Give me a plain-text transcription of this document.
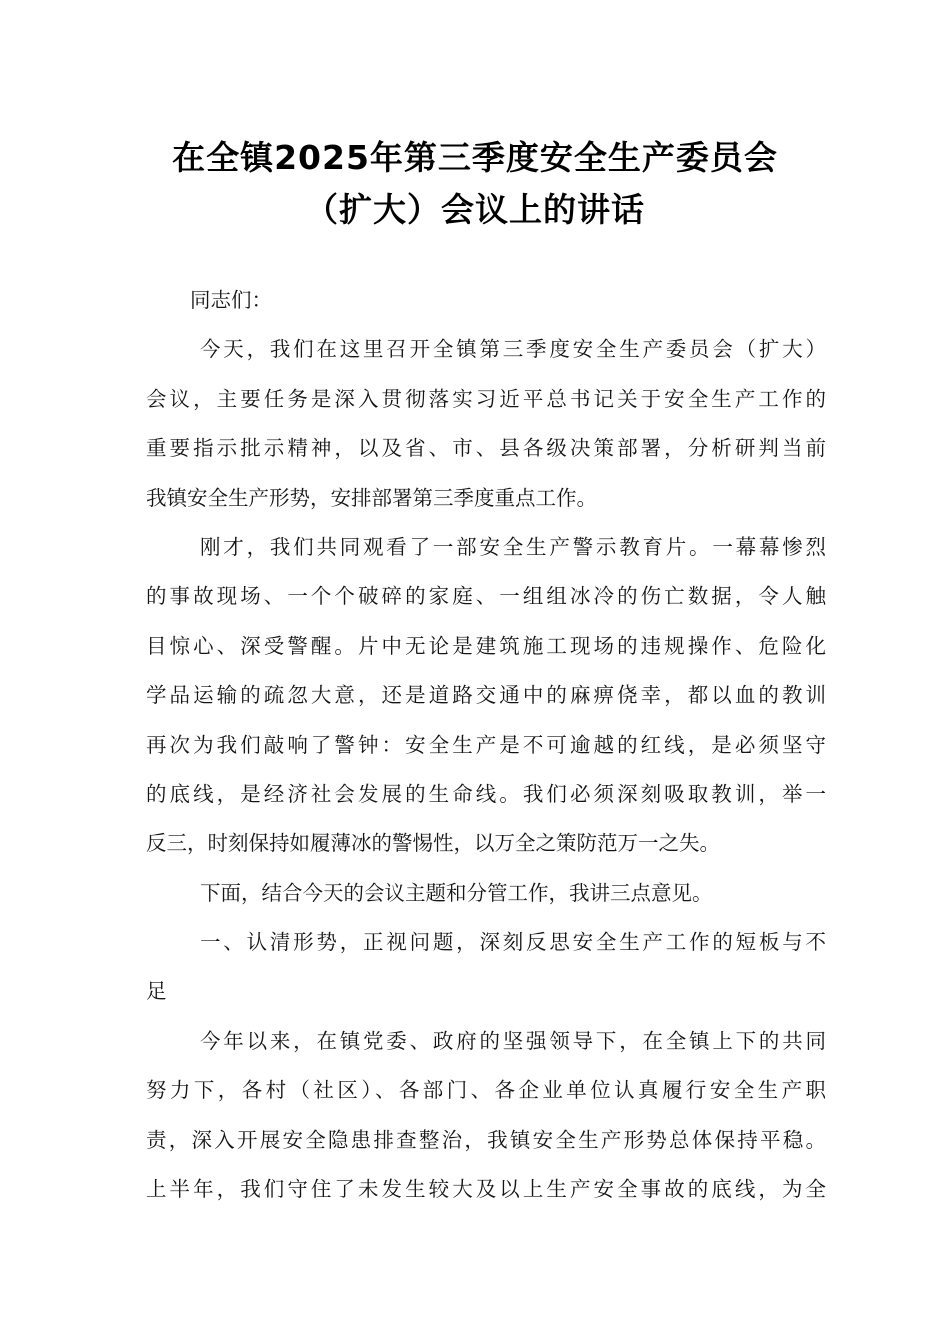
在全镇2025年第三季度安全生产委员会
（扩大）会议上的讲话
同志们：
今天，我们在这里召开全镇第三季度安全生产委员会（扩大）
会议，主要任务是深入贯彻落实习近平总书记关于安全生产工作的
重要指示批示精神，以及省、市、县各级决策部署，分析研判当前
我镇安全生产形势，安排部署第三季度重点工作。
刚才，我们共同观看了一部安全生产警示教育片。一幕幕惨烈
的事故现场、一个个破碎的家庭、一组组冰冷的伤亡数据，令人触
目惊心、深受警醒。片中无论是建筑施工现场的违规操作、危险化
学品运输的疏忽大意，还是道路交通中的麻痹侥幸，都以血的教训
再次为我们敲响了警钟：安全生产是不可逾越的红线，是必须坚守
的底线，是经济社会发展的生命线。我们必须深刻吸取教训，举一
反三，时刻保持如履薄冰的警惕性，以万全之策防范万一之失。
下面，结合今天的会议主题和分管工作，我讲三点意见。
一、认清形势，正视问题，深刻反思安全生产工作的短板与不
足
今年以来，在镇党委、政府的坚强领导下，在全镇上下的共同
努力下，各村（社区）、各部门、各企业单位认真履行安全生产职
责，深入开展安全隐患排查整治，我镇安全生产形势总体保持平稳。
上半年，我们守住了未发生较大及以上生产安全事故的底线，为全
